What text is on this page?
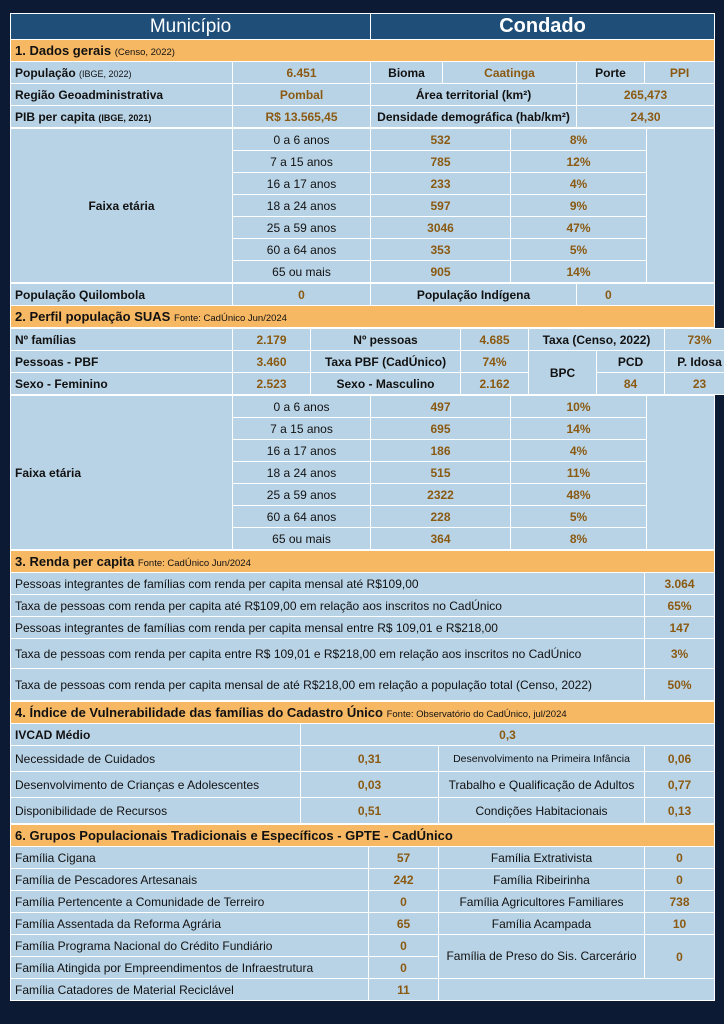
Município		Condado			
1. Dados gerais (Censo, 2022)					
População (IBGE, 2022)	6.451	Bioma	Caatinga	Porte	PPI
Região Geoadministrativa	Pombal	Área territorial (km²)		265,473	
PIB per capita (IBGE, 2021)	R$ 13.565,45	Densidade demográfica (hab/km²)		24,30	
Faixa etária	0 a 6 anos	532	8%	
	7 a 15 anos	785	12%	
	16 a 17 anos	233	4%	
	18 a 24 anos	597	9%	
	25 a 59 anos	3046	47%	
	60 a 64 anos	353	5%	
	65 ou mais	905	14%	
População Quilombola	0	População Indígena	0
2. Perfil população SUAS Fonte: CadÚnico Jun/2024
Nº famílias	2.179	Nº pessoas	4.685	Taxa (Censo, 2022)		73%
Pessoas - PBF	3.460	Taxa PBF (CadÚnico)	74%	BPC	PCD	P. Idosa
Sexo - Feminino	2.523	Sexo - Masculino	2.162		84	23
Faixa etária	0 a 6 anos	497	10%	
	7 a 15 anos	695	14%	
	16 a 17 anos	186	4%	
	18 a 24 anos	515	11%	
	25 a 59 anos	2322	48%	
	60 a 64 anos	228	5%	
	65 ou mais	364	8%	
3. Renda per capita Fonte: CadÚnico Jun/2024	
Pessoas integrantes de famílias com renda per capita mensal até R$109,00	3.064
Taxa de pessoas com renda per capita até R$109,00 em relação aos inscritos no CadÚnico	65%
Pessoas integrantes de famílias com renda per capita mensal entre R$ 109,01 e R$218,00	147
Taxa de pessoas com renda per capita entre R$ 109,01 e R$218,00 em relação aos inscritos no CadÚnico	3%
Taxa de pessoas com renda per capita mensal de até R$218,00 em relação a população total (Censo, 2022)	50%
4. Índice de Vulnerabilidade das famílias do Cadastro Único Fonte: Observatório do CadÚnico, jul/2024			
IVCAD Médio	0,3		
Necessidade de Cuidados	0,31	Desenvolvimento na Primeira Infância	0,06
Desenvolvimento de Crianças e Adolescentes	0,03	Trabalho e Qualificação de Adultos	0,77
Disponibilidade de Recursos	0,51	Condições Habitacionais	0,13
6. Grupos Populacionais Tradicionais e Específicos - GPTE - CadÚnico			
Família Cigana	57	Família Extrativista	0
Família de Pescadores Artesanais	242	Família Ribeirinha	0
Família Pertencente a Comunidade de Terreiro	0	Família Agricultores Familiares	738
Família Assentada da Reforma Agrária	65	Família Acampada	10
Família Programa Nacional do Crédito Fundiário	0	Família de Preso do Sis. Carcerário	0
Família Atingida por Empreendimentos de Infraestrutura	0		
Família Catadores de Material Reciclável	11		
